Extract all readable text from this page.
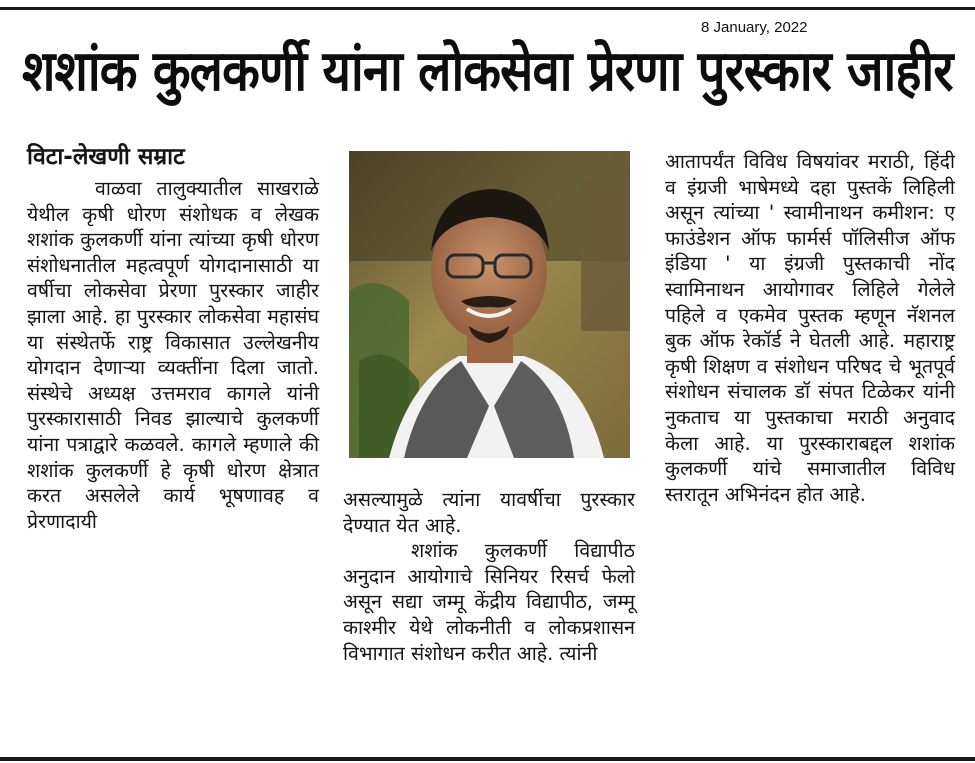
8 January, 2022
शशांक कुलकर्णी यांना लोकसेवा प्रेरणा पुरस्कार जाहीर
विटा-लेखणी सम्राट

वाळवा तालुक्यातील साखराळे येथील कृषी धोरण संशोधक व लेखक शशांक कुलकर्णी यांना त्यांच्या कृषी धोरण संशोधनातील महत्वपूर्ण योगदानासाठी या वर्षीचा लोकसेवा प्रेरणा पुरस्कार जाहीर झाला आहे. हा पुरस्कार लोकसेवा महासंघ या संस्थेतर्फे राष्ट्र विकासात उल्लेखनीय योगदान देणाऱ्या व्यक्तींना दिला जातो. संस्थेचे अध्यक्ष उत्तमराव कागले यांनी पुरस्कारासाठी निवड झाल्याचे कुलकर्णी यांना पत्राद्वारे कळवले. कागले म्हणाले की शशांक कुलकर्णी हे कृषी धोरण क्षेत्रात करत असलेले कार्य भूषणावह व प्रेरणादायी

असल्यामुळे त्यांना यावर्षीचा पुरस्कार देण्यात येत आहे.

शशांक कुलकर्णी विद्यापीठ अनुदान आयोगाचे सिनियर रिसर्च फेलो असून सद्या जम्मू केंद्रीय विद्यापीठ, जम्मू काश्मीर येथे लोकनीती व लोकप्रशासन विभागात संशोधन करीत आहे. त्यांनी

आतापर्यंत विविध विषयांवर मराठी, हिंदी व इंग्रजी भाषेमध्ये दहा पुस्तकें लिहिली असून त्यांच्या ' स्वामीनाथन कमीशन: ए फाउंडेशन ऑफ फार्मर्स पॉलिसीज ऑफ इंडिया ' या इंग्रजी पुस्तकाची नोंद स्वामिनाथन आयोगावर लिहिले गेलेले पहिले व एकमेव पुस्तक म्हणून नॅशनल बुक ऑफ रेकॉर्ड ने घेतली आहे. महाराष्ट्र कृषी शिक्षण व संशोधन परिषद चे भूतपूर्व संशोधन संचालक डॉ संपत टिळेकर यांनी नुकताच या पुस्तकाचा मराठी अनुवाद केला आहे. या पुरस्काराबद्दल शशांक कुलकर्णी यांचे समाजातील विविध स्तरातून अभिनंदन होत आहे.
